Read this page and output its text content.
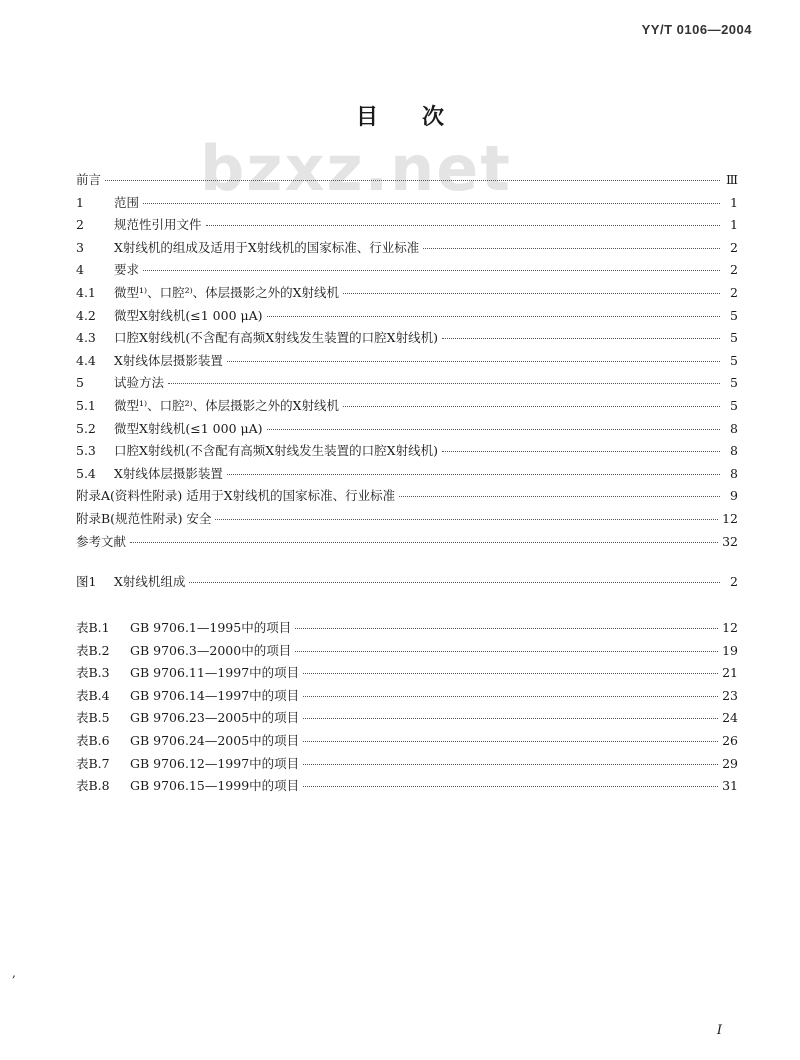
YY/T 0106—2004
bzxz.net
目次
前言	Ⅲ
1	范围	1
2	规范性引用文件	1
3	X射线机的组成及适用于X射线机的国家标准、行业标准	2
4	要求	2
4.1	微型¹⁾、口腔²⁾、体层摄影之外的X射线机	2
4.2	微型X射线机(≤1 000 μA)	5
4.3	口腔X射线机(不含配有高频X射线发生装置的口腔X射线机)	5
4.4	X射线体层摄影装置	5
5	试验方法	5
5.1	微型¹⁾、口腔²⁾、体层摄影之外的X射线机	5
5.2	微型X射线机(≤1 000 μA)	8
5.3	口腔X射线机(不含配有高频X射线发生装置的口腔X射线机)	8
5.4	X射线体层摄影装置	8
附录A(资料性附录) 适用于X射线机的国家标准、行业标准	9
附录B(规范性附录) 安全	12
参考文献	32
图1	X射线机组成	2
表B.1	GB 9706.1—1995中的项目	12
表B.2	GB 9706.3—2000中的项目	19
表B.3	GB 9706.11—1997中的项目	21
表B.4	GB 9706.14—1997中的项目	23
表B.5	GB 9706.23—2005中的项目	24
表B.6	GB 9706.24—2005中的项目	26
表B.7	GB 9706.12—1997中的项目	29
表B.8	GB 9706.15—1999中的项目	31
,
I
